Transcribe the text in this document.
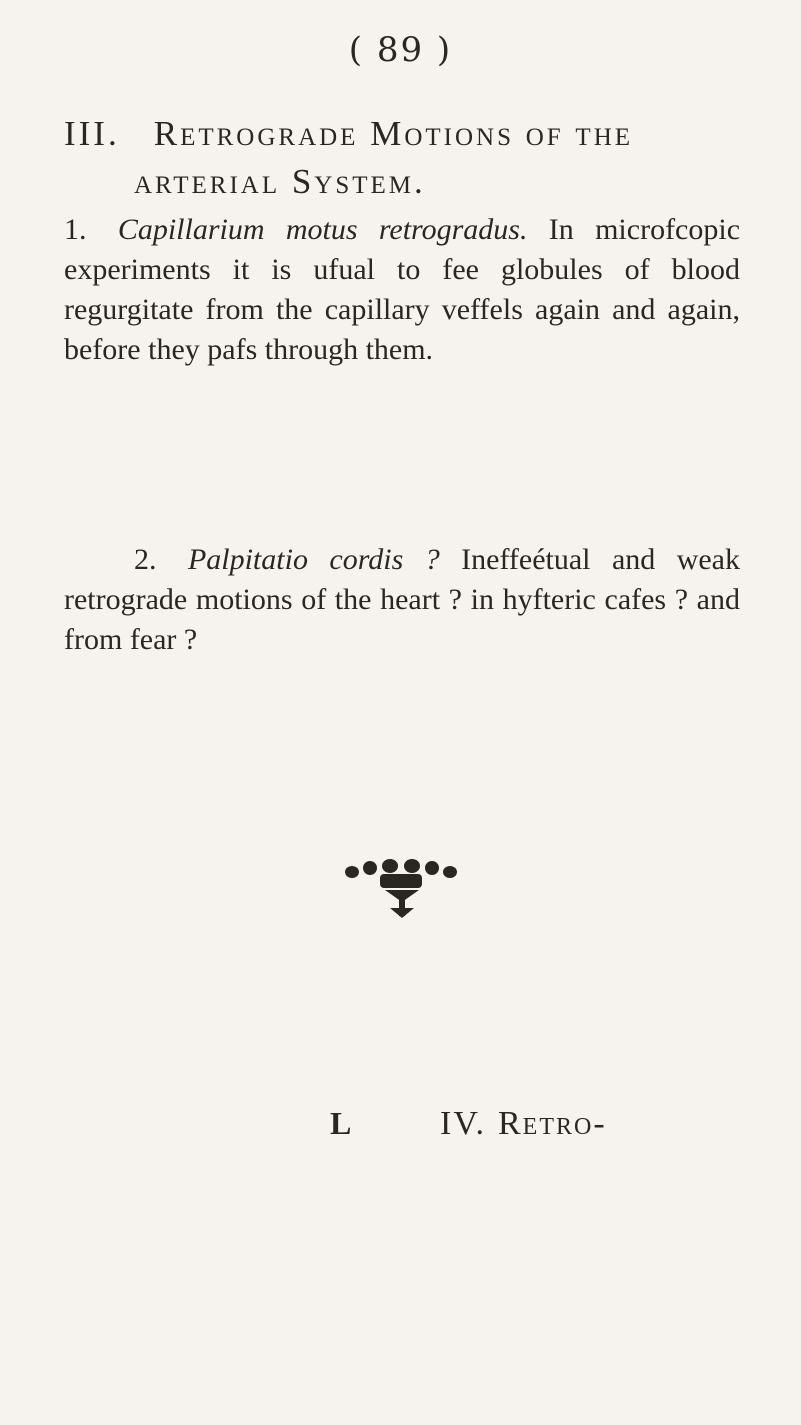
( 89 )
III. Retrograde Motions of the
arterial System.
1. Capillarium motus retrogradus. In microfcopic experiments it is ufual to fee globules of blood regurgitate from the capillary veffels again and again, before they pafs through them.
2. Palpitatio cordis ? Ineffeétual and weak retrograde motions of the heart ? in hyfteric cafes ? and from fear ?
L	IV. Retro-
